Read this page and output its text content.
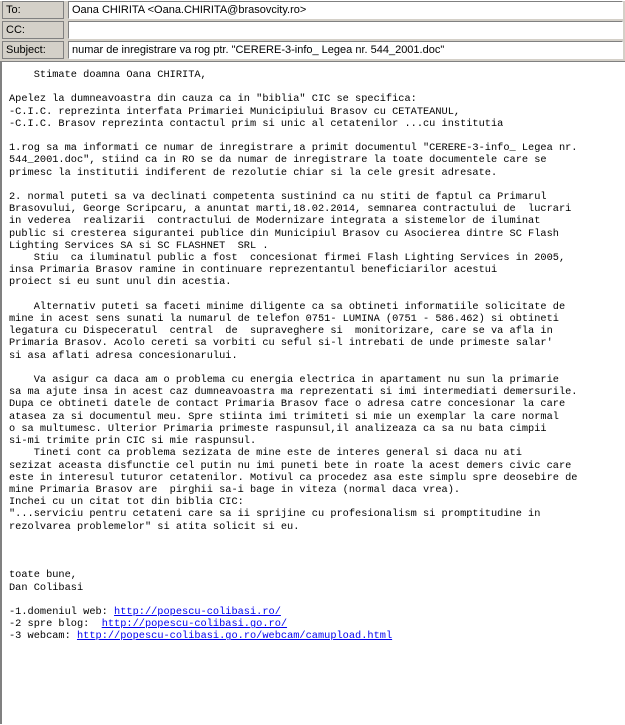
To:	Oana CHIRITA <Oana.CHIRITA@brasovcity.ro>
CC:
Subject:	numar de inregistrare va rog ptr. "CERERE-3-info_ Legea nr. 544_2001.doc"
Stimate doamna Oana CHIRITA,

Apelez la dumneavoastra din cauza ca in "biblia" CIC se specifica:
-C.I.C. reprezinta interfata Primariei Municipiului Brasov cu CETATEANUL,
-C.I.C. Brasov reprezinta contactul prim si unic al cetatenilor ...cu institutia

1.rog sa ma informati ce numar de inregistrare a primit documentul "CERERE-3-info_ Legea nr.
544_2001.doc", stiind ca in RO se da numar de inregistrare la toate documentele care se
primesc la institutii indiferent de rezolutie chiar si la cele gresit adresate.

2. normal puteti sa va declinati competenta sustinind ca nu stiti de faptul ca Primarul
Brasovului, George Scripcaru, a anuntat marti,18.02.2014, semnarea contractului de  lucrari
in vederea  realizarii  contractului de Modernizare integrata a sistemelor de iluminat
public si cresterea sigurantei publice din Municipiul Brasov cu Asocierea dintre SC Flash
Lighting Services SA si SC FLASHNET  SRL .
Stiu  ca iluminatul public a fost  concesionat firmei Flash Lighting Services in 2005,
insa Primaria Brasov ramine in continuare reprezentantul beneficiarilor acestui
proiect si eu sunt unul din acestia.

Alternativ puteti sa faceti minime diligente ca sa obtineti informatiile solicitate de
mine in acest sens sunati la numarul de telefon 0751- LUMINA (0751 - 586.462) si obtineti
legatura cu Dispeceratul  central  de  supraveghere si  monitorizare, care se va afla in
Primaria Brasov. Acolo cereti sa vorbiti cu seful si-l intrebati de unde primeste salar'
si asa aflati adresa concesionarului.

Va asigur ca daca am o problema cu energia electrica in apartament nu sun la primarie
sa ma ajute insa in acest caz dumneavoastra ma reprezentati si imi intermediati demersurile.
Dupa ce obtineti datele de contact Primaria Brasov face o adresa catre concesionar la care
atasea za si documentul meu. Spre stiinta imi trimiteti si mie un exemplar la care normal
o sa multumesc. Ulterior Primaria primeste raspunsul,il analizeaza ca sa nu bata cimpii
si-mi trimite prin CIC si mie raspunsul.
Tineti cont ca problema sezizata de mine este de interes general si daca nu ati
sezizat aceasta disfunctie cel putin nu imi puneti bete in roate la acest demers civic care
este in interesul tuturor cetatenilor. Motivul ca procedez asa este simplu spre deosebire de
mine Primaria Brasov are  pirghii sa-i bage in viteza (normal daca vrea).
Inchei cu un citat tot din biblia CIC:
"...serviciu pentru cetateni care sa ii sprijine cu profesionalism si promptitudine in
rezolvarea problemelor" si atita solicit si eu.

toate bune,
Dan Colibasi

-1.domeniul web: http://popescu-colibasi.ro/
-2 spre blog:  http://popescu-colibasi.go.ro/
-3 webcam: http://popescu-colibasi.go.ro/webcam/camupload.html
